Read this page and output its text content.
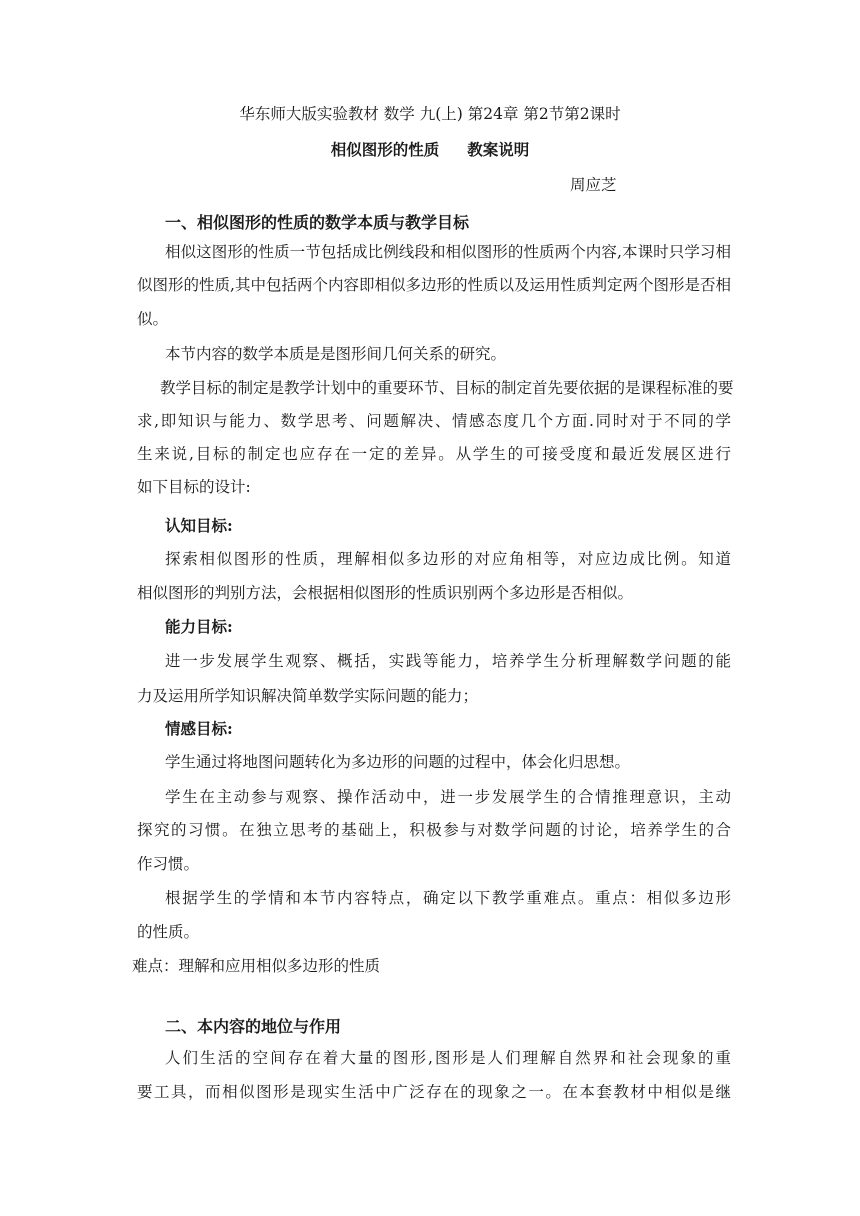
华东师大版实验教材 数学 九(上) 第24章 第2节第2课时
相似图形的性质 教案说明
周应芝
一、相似图形的性质的数学本质与教学目标
相似这图形的性质一节包括成比例线段和相似图形的性质两个内容,本课时只学习相
似图形的性质,其中包括两个内容即相似多边形的性质以及运用性质判定两个图形是否相
似。
本节内容的数学本质是是图形间几何关系的研究。
教学目标的制定是教学计划中的重要环节、目标的制定首先要依据的是课程标准的要
求,即知识与能力、数学思考、问题解决、情感态度几个方面.同时对于不同的学
生来说,目标的制定也应存在一定的差异。从学生的可接受度和最近发展区进行
如下目标的设计:
认知目标:
探索相似图形的性质，理解相似多边形的对应角相等，对应边成比例。知道
相似图形的判别方法，会根据相似图形的性质识别两个多边形是否相似。
能力目标:
进一步发展学生观察、概括，实践等能力，培养学生分析理解数学问题的能
力及运用所学知识解决简单数学实际问题的能力；
情感目标:
学生通过将地图问题转化为多边形的问题的过程中，体会化归思想。
学生在主动参与观察、操作活动中，进一步发展学生的合情推理意识，主动
探究的习惯。在独立思考的基础上，积极参与对数学问题的讨论，培养学生的合
作习惯。
根据学生的学情和本节内容特点，确定以下教学重难点。重点：相似多边形
的性质。
难点：理解和应用相似多边形的性质
二、本内容的地位与作用
人们生活的空间存在着大量的图形,图形是人们理解自然界和社会现象的重
要工具，而相似图形是现实生活中广泛存在的现象之一。在本套教材中相似是继
